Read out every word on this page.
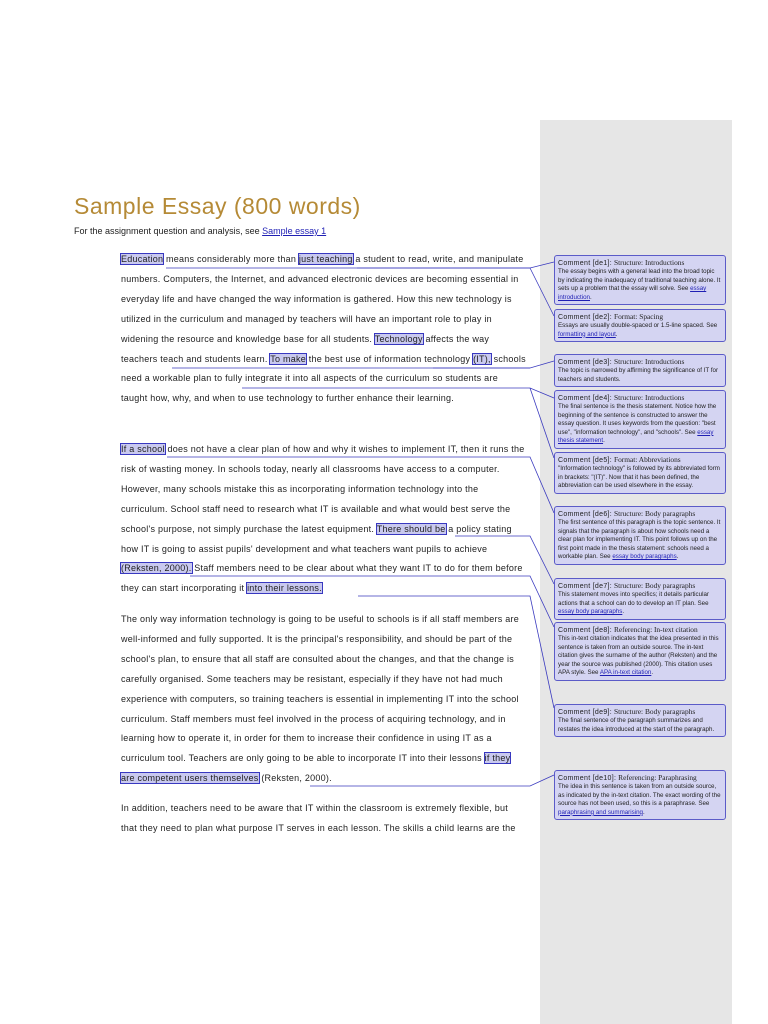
Sample Essay (800 words)
For the assignment question and analysis, see Sample essay 1

Education means considerably more than just teaching a student to read, write, and manipulate numbers. Computers, the Internet, and advanced electronic devices are becoming essential in everyday life and have changed the way information is gathered. How this new technology is utilized in the curriculum and managed by teachers will have an important role to play in widening the resource and knowledge base for all students. Technology affects the way teachers teach and students learn. To make the best use of information technology (IT), schools need a workable plan to fully integrate it into all aspects of the curriculum so students are taught how, why, and when to use technology to further enhance their learning.

If a school does not have a clear plan of how and why it wishes to implement IT, then it runs the risk of wasting money. In schools today, nearly all classrooms have access to a computer. However, many schools mistake this as incorporating information technology into the curriculum. School staff need to research what IT is available and what would best serve the school's purpose, not simply purchase the latest equipment. There should be a policy stating how IT is going to assist pupils' development and what teachers want pupils to achieve (Reksten, 2000). Staff members need to be clear about what they want IT to do for them before they can start incorporating it into their lessons.

The only way information technology is going to be useful to schools is if all staff members are well-informed and fully supported. It is the principal's responsibility, and should be part of the school's plan, to ensure that all staff are consulted about the changes, and that the change is carefully organised. Some teachers may be resistant, especially if they have not had much experience with computers, so training teachers is essential in implementing IT into the school curriculum. Staff members must feel involved in the process of acquiring technology, and in learning how to operate it, in order for them to increase their confidence in using IT as a curriculum tool. Teachers are only going to be able to incorporate IT into their lessons if they are competent users themselves (Reksten, 2000).

In addition, teachers need to be aware that IT within the classroom is extremely flexible, but that they need to plan what purpose IT serves in each lesson. The skills a child learns are the

Comment [de1]: Structure: Introductions
The essay begins with a general lead into the broad topic by indicating the inadequacy of traditional teaching alone. It sets up a problem that the essay will solve. See essay introduction.
Comment [de2]: Format: Spacing
Essays are usually double-spaced or 1.5-line spaced. See formatting and layout.
Comment [de3]: Structure: Introductions
The topic is narrowed by affirming the significance of IT for teachers and students.
Comment [de4]: Structure: Introductions
The final sentence is the thesis statement. Notice how the beginning of the sentence is constructed to answer the essay question. It uses keywords from the question: "best use", "information technology", and "schools". See essay thesis statement.
Comment [de5]: Format: Abbreviations
"Information technology" is followed by its abbreviated form in brackets: "(IT)". Now that it has been defined, the abbreviation can be used elsewhere in the essay.
Comment [de6]: Structure: Body paragraphs
The first sentence of this paragraph is the topic sentence. It signals that the paragraph is about how schools need a clear plan for implementing IT. This point follows up on the first point made in the thesis statement: schools need a workable plan. See essay body paragraphs.
Comment [de7]: Structure: Body paragraphs
This statement moves into specifics; it details particular actions that a school can do to develop an IT plan. See essay body paragraphs.
Comment [de8]: Referencing: In-text citation
This in-text citation indicates that the idea presented in this sentence is taken from an outside source. The in-text citation gives the surname of the author (Reksten) and the year the source was published (2000). This citation uses APA style. See APA in-text citation.
Comment [de9]: Structure: Body paragraphs
The final sentence of the paragraph summarizes and restates the idea introduced at the start of the paragraph.
Comment [de10]: Referencing: Paraphrasing
The idea in this sentence is taken from an outside source, as indicated by the in-text citation. The exact wording of the source has not been used, so this is a paraphrase. See paraphrasing and summarising.
